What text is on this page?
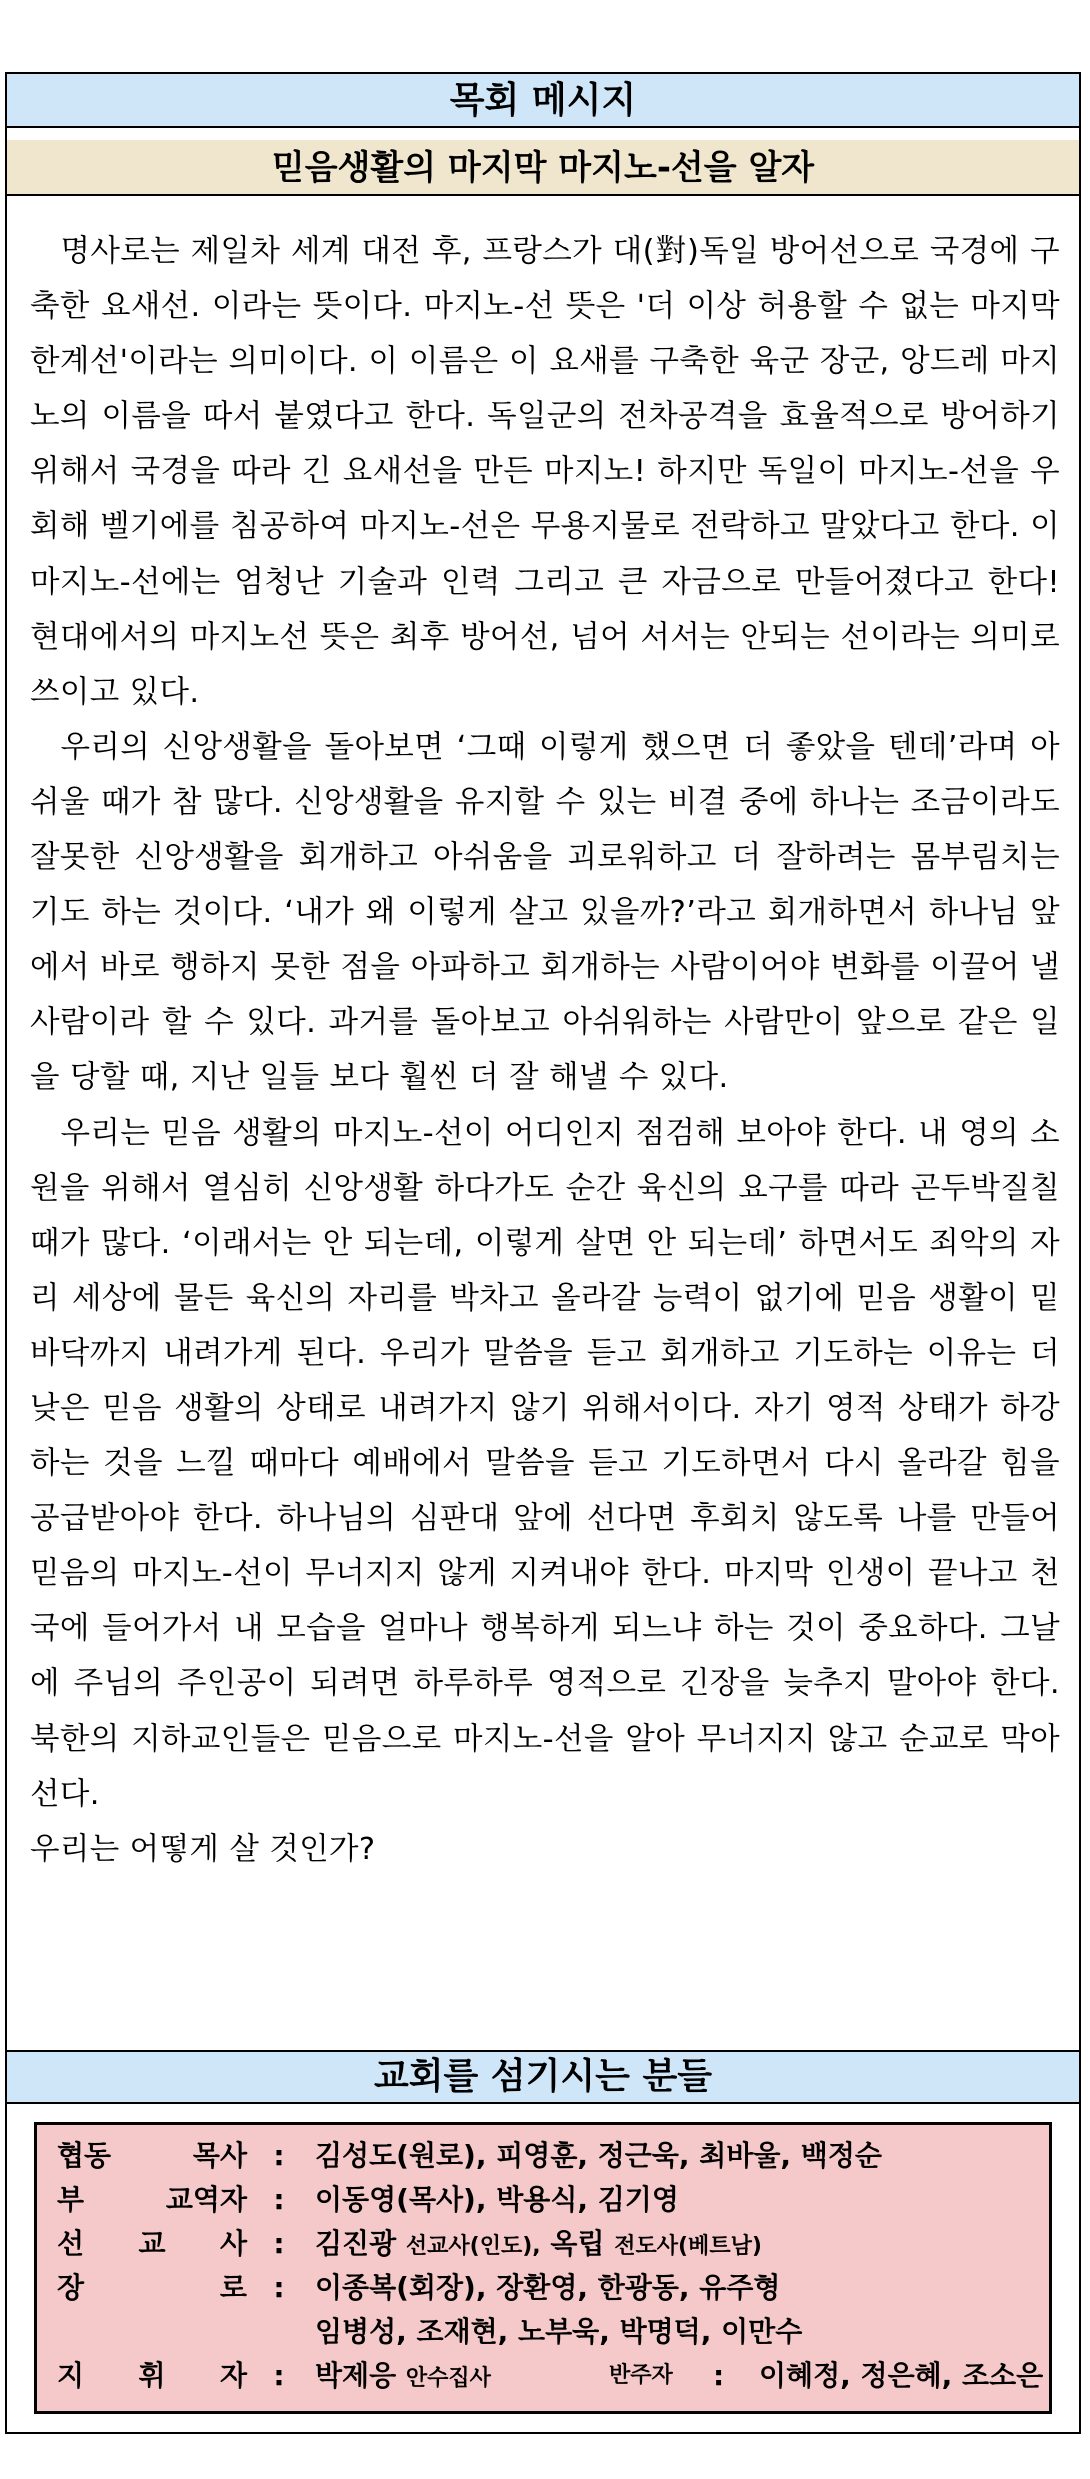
목회 메시지
믿음생활의 마지막 마지노-선을 알자

명사로는 제일차 세계 대전 후, 프랑스가 대(對)독일 방어선으로 국경에 구축한 요새선. 이라는 뜻이다. 마지노-선 뜻은 '더 이상 허용할 수 없는 마지막 한계선'이라는 의미이다. 이 이름은 이 요새를 구축한 육군 장군, 앙드레 마지노의 이름을 따서 붙였다고 한다. 독일군의 전차공격을 효율적으로 방어하기 위해서 국경을 따라 긴 요새선을 만든 마지노! 하지만 독일이 마지노-선을 우회해 벨기에를 침공하여 마지노-선은 무용지물로 전락하고 말았다고 한다. 이 마지노-선에는 엄청난 기술과 인력 그리고 큰 자금으로 만들어졌다고 한다! 현대에서의 마지노선 뜻은 최후 방어선, 넘어 서서는 안되는 선이라는 의미로 쓰이고 있다.

우리의 신앙생활을 돌아보면 ‘그때 이렇게 했으면 더 좋았을 텐데’라며 아쉬울 때가 참 많다. 신앙생활을 유지할 수 있는 비결 중에 하나는 조금이라도 잘못한 신앙생활을 회개하고 아쉬움을 괴로워하고 더 잘하려는 몸부림치는 기도 하는 것이다. ‘내가 왜 이렇게 살고 있을까?’라고 회개하면서 하나님 앞에서 바로 행하지 못한 점을 아파하고 회개하는 사람이어야 변화를 이끌어 낼 사람이라 할 수 있다. 과거를 돌아보고 아쉬워하는 사람만이 앞으로 같은 일을 당할 때, 지난 일들 보다 훨씬 더 잘 해낼 수 있다.

우리는 믿음 생활의 마지노-선이 어디인지 점검해 보아야 한다. 내 영의 소원을 위해서 열심히 신앙생활 하다가도 순간 육신의 요구를 따라 곤두박질칠 때가 많다. ‘이래서는 안 되는데, 이렇게 살면 안 되는데’ 하면서도 죄악의 자리 세상에 물든 육신의 자리를 박차고 올라갈 능력이 없기에 믿음 생활이 밑바닥까지 내려가게 된다. 우리가 말씀을 듣고 회개하고 기도하는 이유는 더 낮은 믿음 생활의 상태로 내려가지 않기 위해서이다. 자기 영적 상태가 하강하는 것을 느낄 때마다 예배에서 말씀을 듣고 기도하면서 다시 올라갈 힘을 공급받아야 한다. 하나님의 심판대 앞에 선다면 후회치 않도록 나를 만들어 믿음의 마지노-선이 무너지지 않게 지켜내야 한다. 마지막 인생이 끝나고 천국에 들어가서 내 모습을 얼마나 행복하게 되느냐 하는 것이 중요하다. 그날에 주님의 주인공이 되려면 하루하루 영적으로 긴장을 늦추지 말아야 한다. 북한의 지하교인들은 믿음으로 마지노-선을 알아 무너지지 않고 순교로 막아선다.

우리는 어떻게 살 것인가?

교회를 섬기시는 분들
협동 목사 : 김성도(원로), 피영훈, 정근욱, 최바울, 백정순
부 교역자 : 이동영(목사), 박용식, 김기영
선 교 사 : 김진광 선교사(인도), 옥립 전도사(베트남)
장 로 : 이종복(회장), 장환영, 한광동, 유주형
임병성, 조재현, 노부욱, 박명덕, 이만수
지 휘 자 : 박제응 안수집사	반주자 : 이혜정, 정은혜, 조소은
